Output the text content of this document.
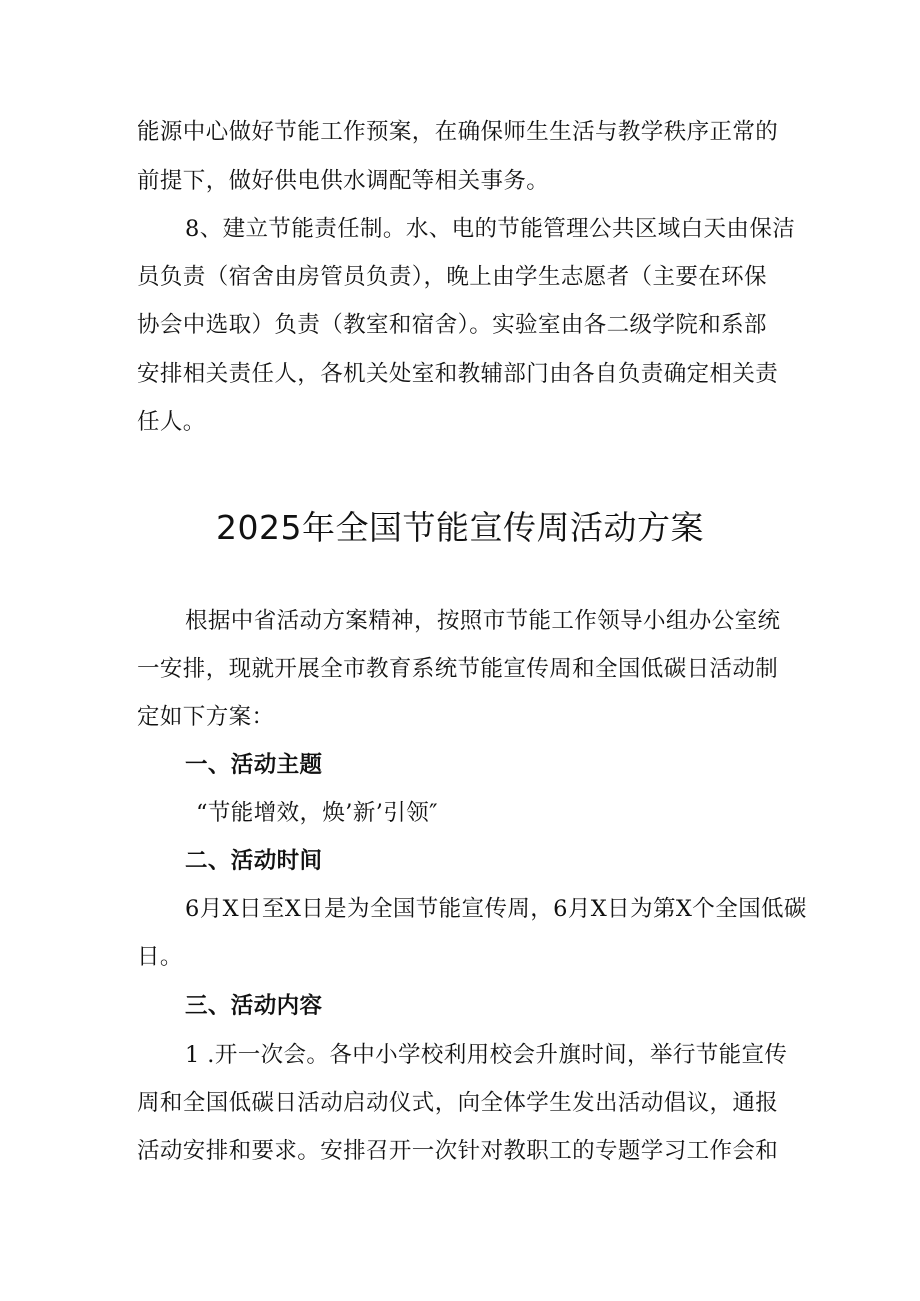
能源中心做好节能工作预案，在确保师生生活与教学秩序正常的
前提下，做好供电供水调配等相关事务。
8、建立节能责任制。水、电的节能管理公共区域白天由保洁
员负责（宿舍由房管员负责），晚上由学生志愿者（主要在环保
协会中选取）负责（教室和宿舍）。实验室由各二级学院和系部
安排相关责任人，各机关处室和教辅部门由各自负责确定相关责
任人。
2025年全国节能宣传周活动方案
根据中省活动方案精神，按照市节能工作领导小组办公室统
一安排，现就开展全市教育系统节能宣传周和全国低碳日活动制
定如下方案：
一、活动主题
“节能增效，焕’新’引领″
二、活动时间
6月X日至X日是为全国节能宣传周，6月X日为第X个全国低碳
日。
三、活动内容
1 .开一次会。各中小学校利用校会升旗时间，举行节能宣传
周和全国低碳日活动启动仪式，向全体学生发出活动倡议，通报
活动安排和要求。安排召开一次针对教职工的专题学习工作会和
